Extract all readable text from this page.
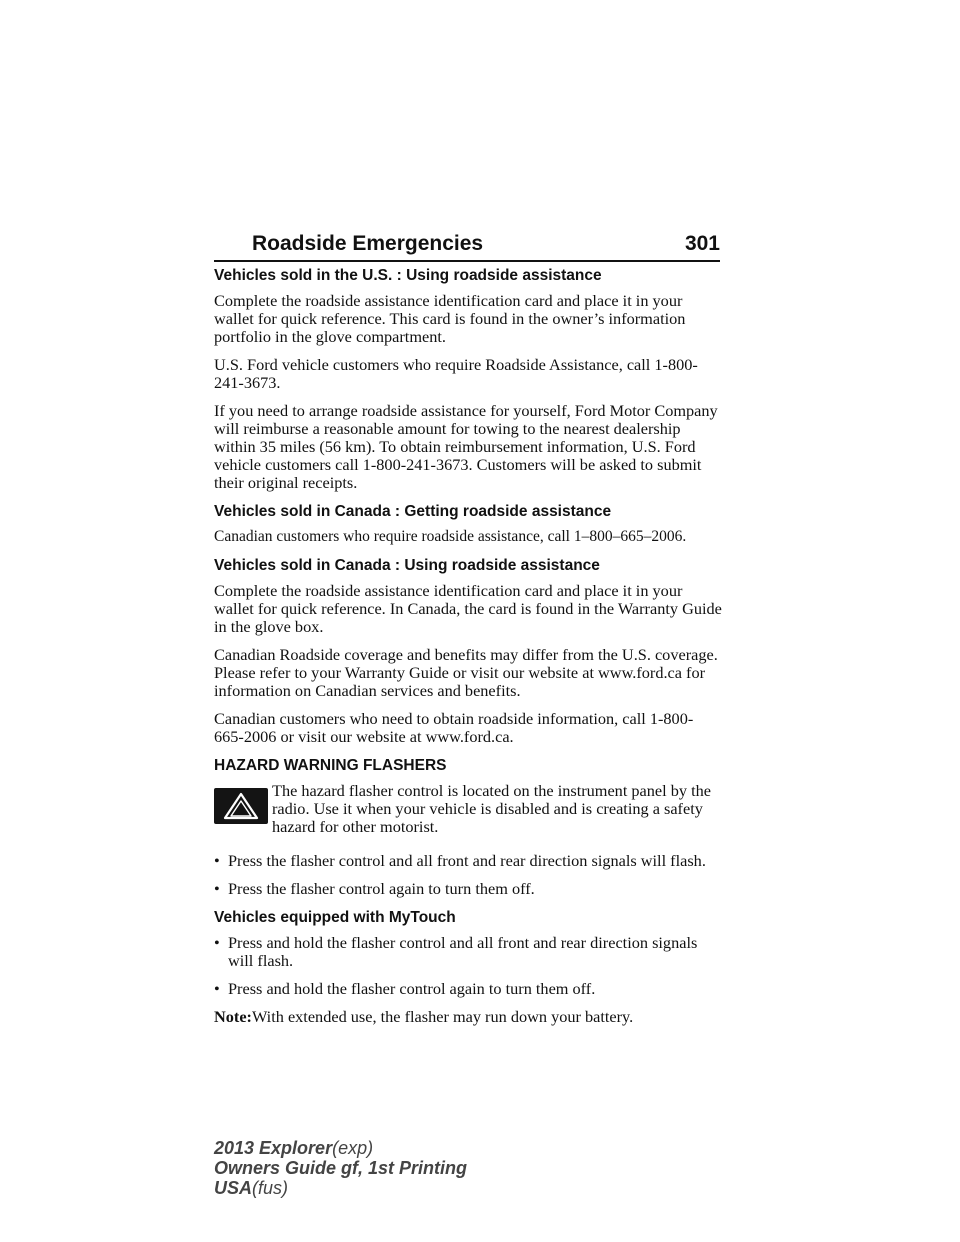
Roadside Emergencies	301
Vehicles sold in the U.S. : Using roadside assistance

Complete the roadside assistance identification card and place it in your wallet for quick reference. This card is found in the owner’s information portfolio in the glove compartment.

U.S. Ford vehicle customers who require Roadside Assistance, call 1-800-241-3673.

If you need to arrange roadside assistance for yourself, Ford Motor Company will reimburse a reasonable amount for towing to the nearest dealership within 35 miles (56 km). To obtain reimbursement information, U.S. Ford vehicle customers call 1-800-241-3673. Customers will be asked to submit their original receipts.

Vehicles sold in Canada : Getting roadside assistance

Canadian customers who require roadside assistance, call 1–800–665–2006.

Vehicles sold in Canada : Using roadside assistance

Complete the roadside assistance identification card and place it in your wallet for quick reference. In Canada, the card is found in the Warranty Guide in the glove box.

Canadian Roadside coverage and benefits may differ from the U.S. coverage. Please refer to your Warranty Guide or visit our website at www.ford.ca for information on Canadian services and benefits.

Canadian customers who need to obtain roadside information, call 1-800-665-2006 or visit our website at www.ford.ca.

HAZARD WARNING FLASHERS
The hazard flasher control is located on the instrument panel by the radio. Use it when your vehicle is disabled and is creating a safety hazard for other motorist.
• Press the flasher control and all front and rear direction signals will flash.
• Press the flasher control again to turn them off.
Vehicles equipped with MyTouch
• Press and hold the flasher control and all front and rear direction signals will flash.
• Press and hold the flasher control again to turn them off.

Note:With extended use, the flasher may run down your battery.

2013 Explorer(exp)
Owners Guide gf, 1st Printing
USA(fus)
